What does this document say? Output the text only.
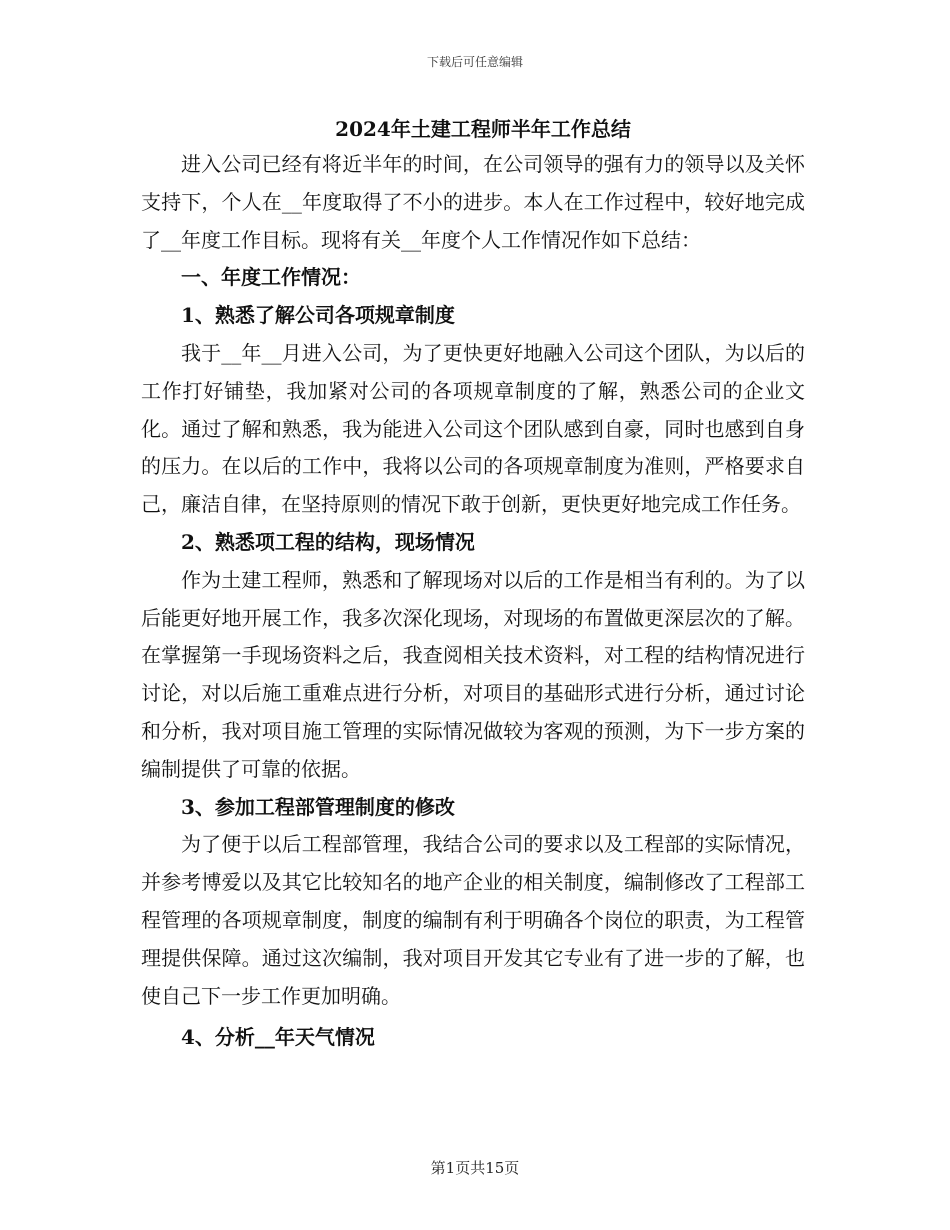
下载后可任意编辑

2024年土建工程师半年工作总结

进入公司已经有将近半年的时间，在公司领导的强有力的领导以及关怀支持下，个人在__年度取得了不小的进步。本人在工作过程中，较好地完成了__年度工作目标。现将有关__年度个人工作情况作如下总结：

一、年度工作情况：

1、熟悉了解公司各项规章制度

我于__年__月进入公司，为了更快更好地融入公司这个团队，为以后的工作打好铺垫，我加紧对公司的各项规章制度的了解，熟悉公司的企业文化。通过了解和熟悉，我为能进入公司这个团队感到自豪，同时也感到自身的压力。在以后的工作中，我将以公司的各项规章制度为准则，严格要求自己，廉洁自律，在坚持原则的情况下敢于创新，更快更好地完成工作任务。

2、熟悉项工程的结构，现场情况

作为土建工程师，熟悉和了解现场对以后的工作是相当有利的。为了以后能更好地开展工作，我多次深化现场，对现场的布置做更深层次的了解。在掌握第一手现场资料之后，我查阅相关技术资料，对工程的结构情况进行讨论，对以后施工重难点进行分析，对项目的基础形式进行分析，通过讨论和分析，我对项目施工管理的实际情况做较为客观的预测，为下一步方案的编制提供了可靠的依据。

3、参加工程部管理制度的修改

为了便于以后工程部管理，我结合公司的要求以及工程部的实际情况，并参考博爱以及其它比较知名的地产企业的相关制度，编制修改了工程部工程管理的各项规章制度，制度的编制有利于明确各个岗位的职责，为工程管理提供保障。通过这次编制，我对项目开发其它专业有了进一步的了解，也使自己下一步工作更加明确。

4、分析__年天气情况

第1页共15页
